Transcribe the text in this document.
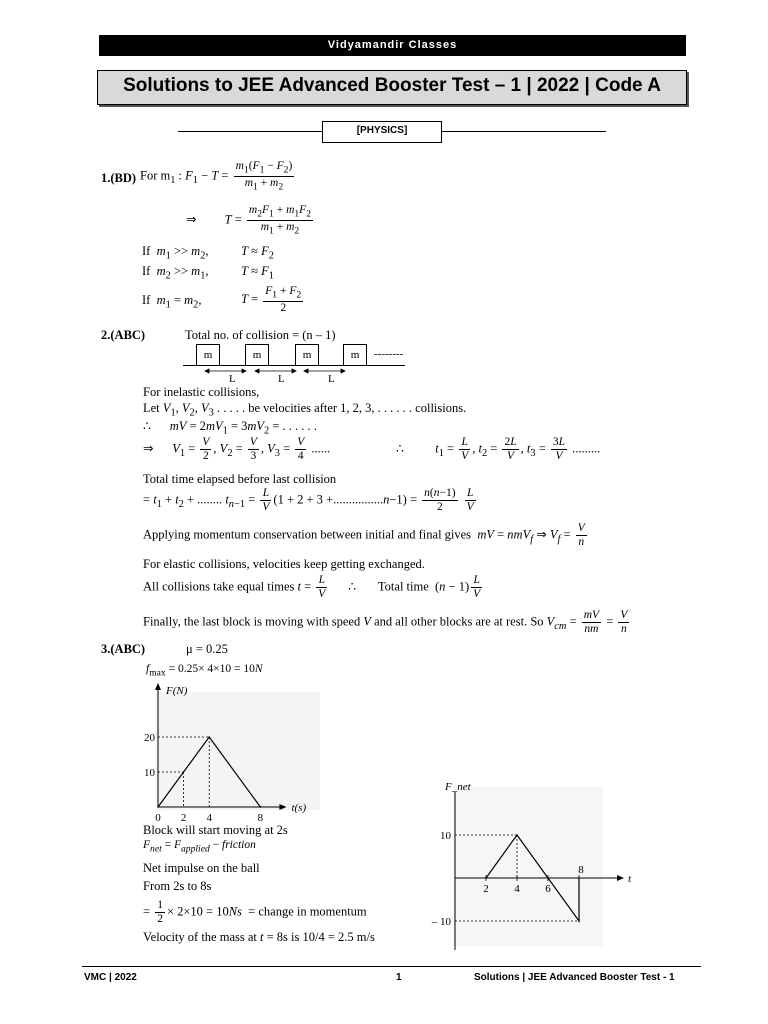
Vidyamandir Classes
Solutions to JEE Advanced Booster Test – 1 | 2022 | Code A
[PHYSICS]
1.(BD) For $m_1$ : $F_1 - T = \frac{m_1(F_1 - F_2)}{m_1 + m_2}$
⇒         $T = \frac{m_2F_1 + m_1F_2}{m_1 + m_2}$
If  $m_1 >> m_2$,	$T \approx F_2$
If  $m_2 >> m_1$,	$T \approx F_1$
If  $m_1 = m_2$,	$T = \frac{F_1 + F_2}{2}$
2.(ABC)	Total no. of collision = (n – 1)
m	m	m	m	--------
L	L	L
For inelastic collisions,
Let $V_1$, $V_2$, $V_3$ . . . . . be velocities after 1, 2, 3, . . . . . . collisions.
∴      mV = $2mV_1 = 3mV_2$ = . . . . . .
⇒      $V_1 = \frac{V}{2}$ , $V_2 = \frac{V}{3}$ , $V_3 = \frac{V}{4}$ ......	∴          $t_1 = \frac{L}{V}$ , $t_2 = \frac{2L}{V}$ , $t_3 = \frac{3L}{V}$ .........
Total time elapsed before last collision
= $t_1 + t_2$ + ........ $t_{n-1} = \frac{L}{V} (1 + 2 + 3 +................n-1) = \frac{n(n-1)}{2}$
$\frac{L}{V}$
Applying momentum conservation between initial and final gives  mV = nmV$_f$ ⇒ $V_f = \frac{V}{n}$
For elastic collisions, velocities keep getting exchanged.
All collisions take equal times $t = \frac{L}{V}$ ∴       Total time  $(n - 1) \frac{L}{V}$
Finally, the last block is moving with speed V and all other blocks are at rest. So $V_{cm} = \frac{mV}{nm} = \frac{V}{n}$
3.(ABC)	μ = 0.25
$f_{max} = 0.25\times 4\times 10 = 10N$
10
20
0 2 4	8
F(N)
t(s)
2 4 6
8
10
– 10
F_net
t
Block will start moving at 2s
$F_{net} = F_{applied}$ − friction
Net impulse on the ball
From 2s to 8s
= $\frac{1}{2} \times 2\times 10 = 10Ns$  = change in momentum
Velocity of the mass at t = 8s is 10/4 = 2.5 m/s
VMC | 2022	1	Solutions | JEE Advanced Booster Test - 1
